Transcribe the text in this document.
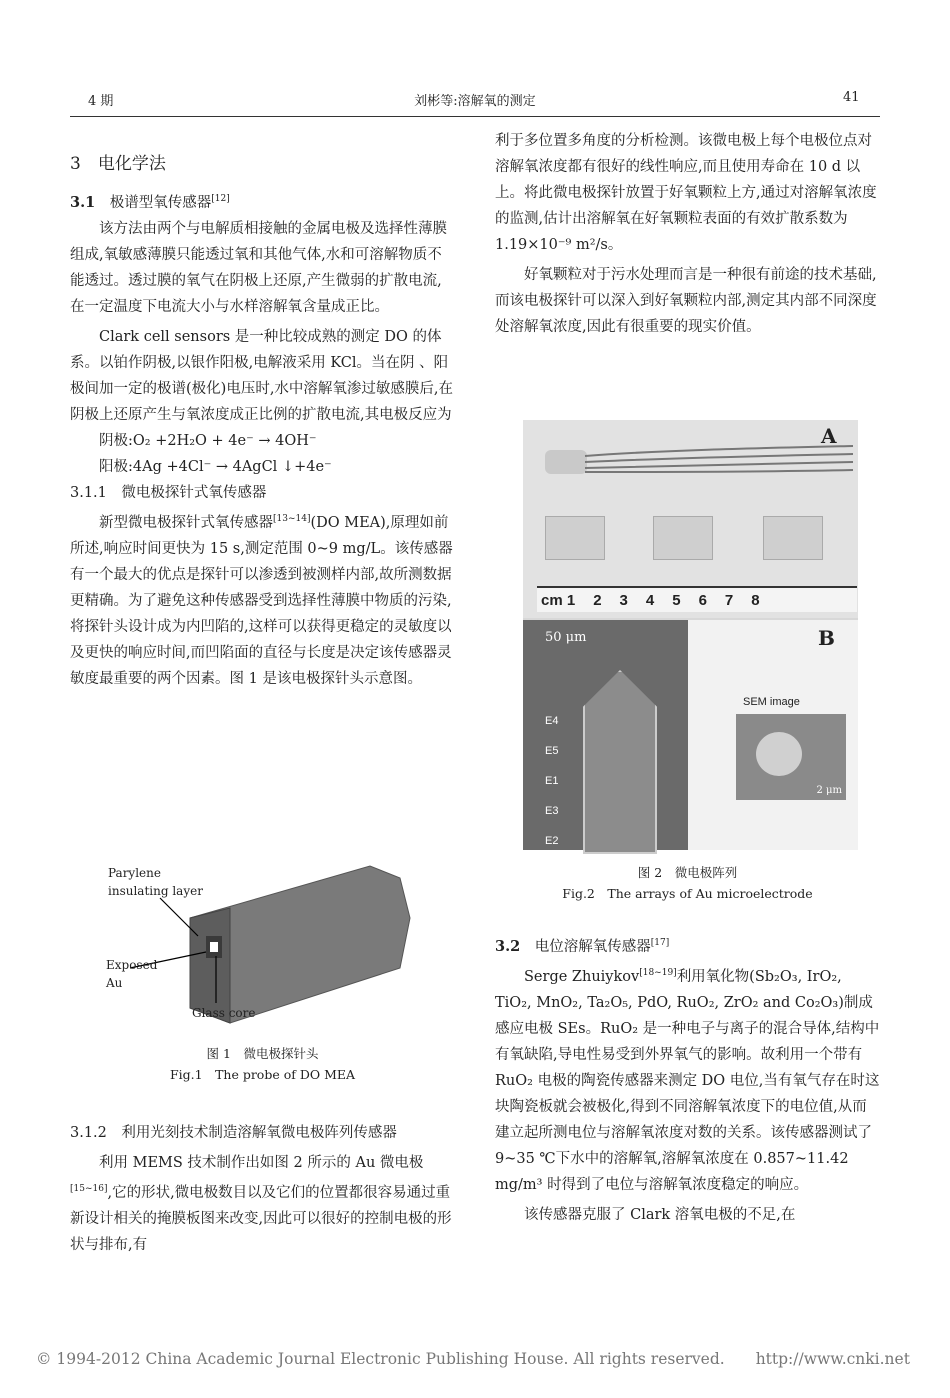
4 期	刘彬等:溶解氧的测定	41

3　电化学法

3.1　 极谱型氧传感器[12]

该方法由两个与电解质相接触的金属电极及选择性薄膜组成,氧敏感薄膜只能透过氧和其他气体,水和可溶解物质不能透过。透过膜的氧气在阴极上还原,产生微弱的扩散电流,在一定温度下电流大小与水样溶解氧含量成正比。

Clark cell sensors 是一种比较成熟的测定 DO 的体系。以铂作阴极,以银作阳极,电解液采用 KCl。当在阴 、阳极间加一定的极谱(极化)电压时,水中溶解氧渗过敏感膜后,在阴极上还原产生与氧浓度成正比例的扩散电流,其电极反应为

阴极:O₂ +2H₂O + 4e⁻ → 4OH⁻

阳极:4Ag +4Cl⁻ → 4AgCl ↓+4e⁻

3.1.1　微电极探针式氧传感器

新型微电极探针式氧传感器[13~14](DO MEA),原理如前所述,响应时间更快为 15 s,测定范围 0~9 mg/L。该传感器有一个最大的优点是探针可以渗透到被测样内部,故所测数据更精确。为了避免这种传感器受到选择性薄膜中物质的污染,将探针头设计成为内凹陷的,这样可以获得更稳定的灵敏度以及更快的响应时间,而凹陷面的直径与长度是决定该传感器灵敏度最重要的两个因素。图 1 是该电极探针头示意图。

Parylene
insulating layer
Exposed
Au
Glass core
图 1　微电极探针头
Fig.1　The probe of DO MEA

3.1.2　利用光刻技术制造溶解氧微电极阵列传感器

利用 MEMS 技术制作出如图 2 所示的 Au 微电极[15~16],它的形状,微电极数目以及它们的位置都很容易通过重新设计相关的掩膜板图来改变,因此可以很好的控制电极的形状与排布,有

利于多位置多角度的分析检测。该微电极上每个电极位点对溶解氧浓度都有很好的线性响应,而且使用寿命在 10 d 以上。将此微电极探针放置于好氧颗粒上方,通过对溶解氧浓度的监测,估计出溶解氧在好氧颗粒表面的有效扩散系数为 1.19×10⁻⁹ m²/s。

好氧颗粒对于污水处理而言是一种很有前途的技术基础,而该电极探针可以深入到好氧颗粒内部,测定其内部不同深度处溶解氧浓度,因此有很重要的现实价值。

A
cm 1 2 3 4 5 6 7 8
50 μm
E4
E5
E1
E3
E2
B
SEM image
2 μm
图 2　微电极阵列
Fig.2　The arrays of Au microelectrode

3.2　 电位溶解氧传感器[17]

Serge Zhuiykov[18~19]利用氧化物(Sb₂O₃, IrO₂, TiO₂, MnO₂, Ta₂O₅, PdO, RuO₂, ZrO₂ and Co₂O₃)制成感应电极 SEs。RuO₂ 是一种电子与离子的混合导体,结构中有氧缺陷,导电性易受到外界氧气的影响。故利用一个带有 RuO₂ 电极的陶瓷传感器来测定 DO 电位,当有氧气存在时这块陶瓷板就会被极化,得到不同溶解氧浓度下的电位值,从而建立起所测电位与溶解氧浓度对数的关系。该传感器测试了9~35 ℃下水中的溶解氧,溶解氧浓度在 0.857~11.42 mg/m³ 时得到了电位与溶解氧浓度稳定的响应。

该传感器克服了 Clark 溶氧电极的不足,在

© 1994-2012 China Academic Journal Electronic Publishing House. All rights reserved.　　http://www.cnki.net
